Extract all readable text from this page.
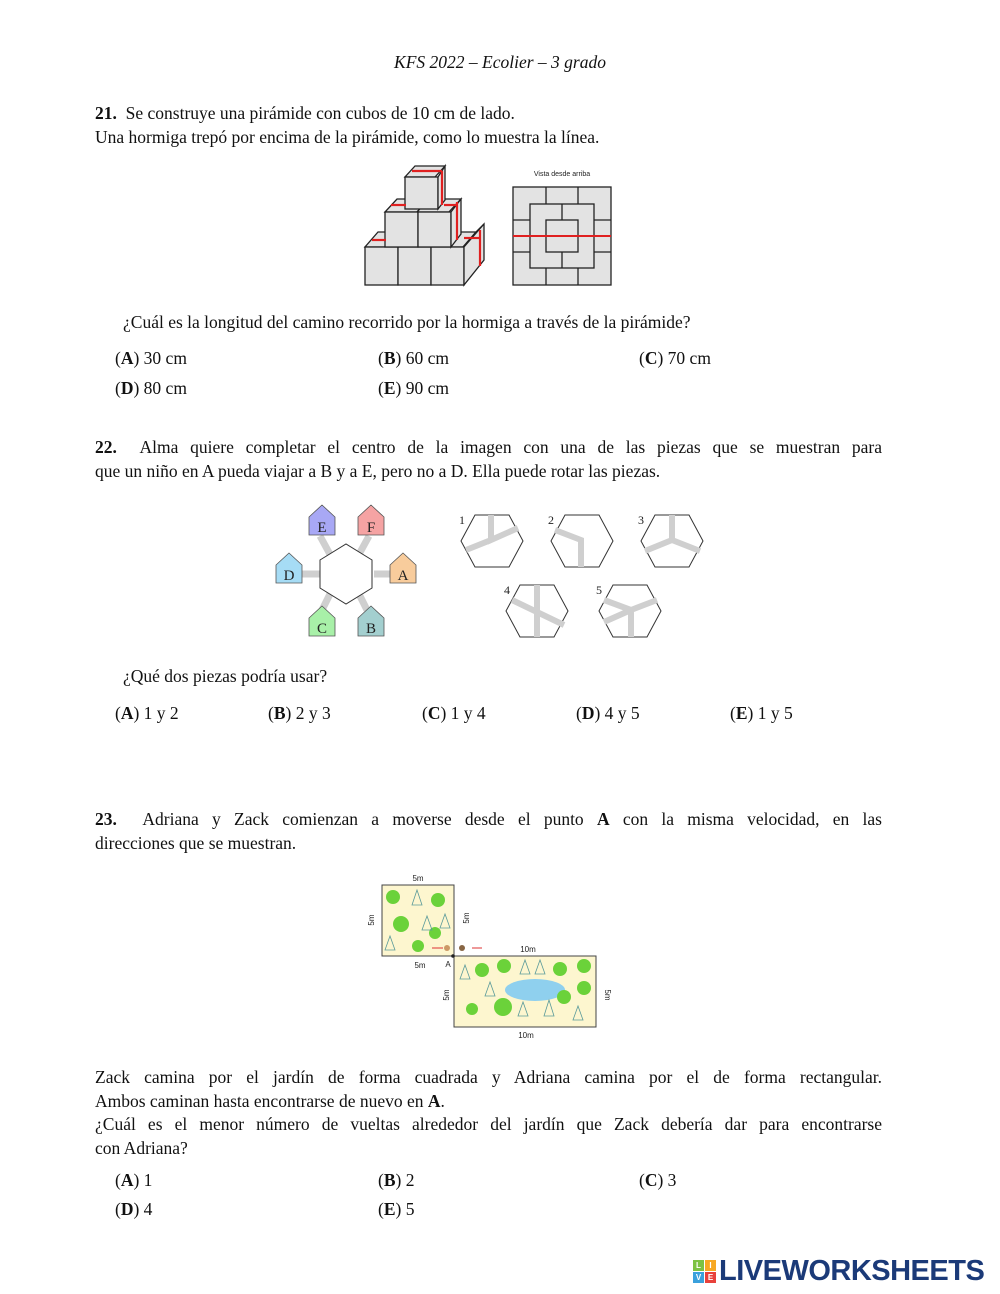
KFS 2022 – Ecolier – 3 grado
21. Se construye una pirámide con cubos de 10 cm de lado.
Una hormiga trepó por encima de la pirámide, como lo muestra la línea.
Vista desde arriba
¿Cuál es la longitud del camino recorrido por la hormiga a través de la pirámide?
(A) 30 cm	(B) 60 cm	(C) 70 cm
(D) 80 cm	(E) 90 cm
22. Alma quiere completar el centro de la imagen con una de las piezas que se muestran para
que un niño en A pueda viajar a B y a E, pero no a D. Ella puede rotar las piezas.
E	F
D	A
C	B
1	2	3
4	5
¿Qué dos piezas podría usar?
(A) 1 y 2	(B) 2 y 3	(C) 1 y 4	(D) 4 y 5	(E) 1 y 5
23. Adriana y Zack comienzan a moverse desde el punto A con la misma velocidad, en las
direcciones que se muestran.
5m
5m	5m
5m A
10m
5m	5m
10m
Zack camina por el jardín de forma cuadrada y Adriana camina por el de forma rectangular.
Ambos caminan hasta encontrarse de nuevo en A.
¿Cuál es el menor número de vueltas alrededor del jardín que Zack debería dar para encontrarse
con Adriana?
(A) 1	(B) 2	(C) 3
(D) 4	(E) 5
L	I
V E LIVEWORKSHEETS
